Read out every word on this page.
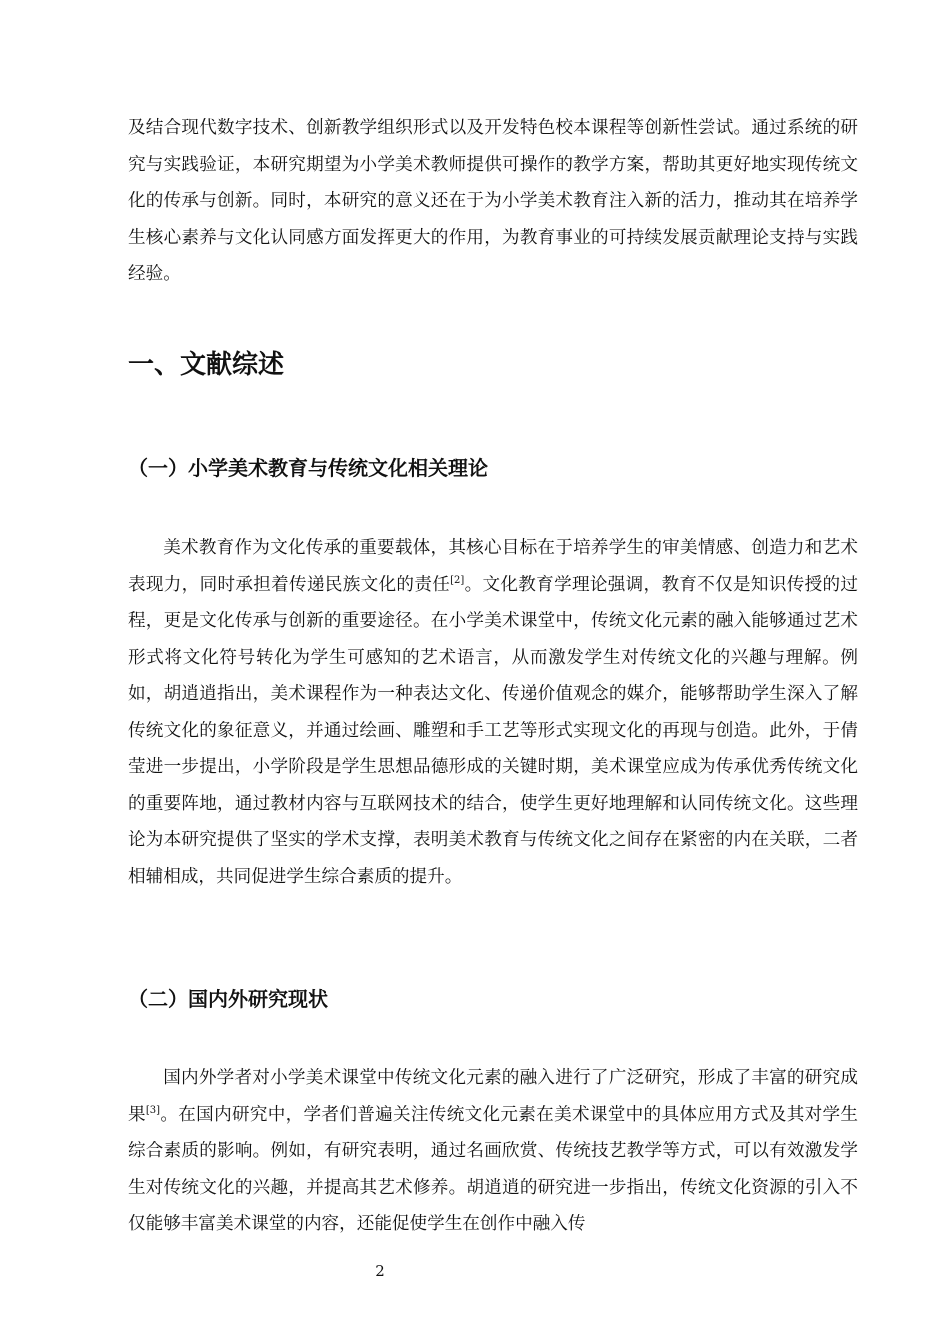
及结合现代数字技术、创新教学组织形式以及开发特色校本课程等创新性尝试。通过系统的研究与实践验证，本研究期望为小学美术教师提供可操作的教学方案，帮助其更好地实现传统文化的传承与创新。同时，本研究的意义还在于为小学美术教育注入新的活力，推动其在培养学生核心素养与文化认同感方面发挥更大的作用，为教育事业的可持续发展贡献理论支持与实践经验。

一、文献综述
（一）小学美术教育与传统文化相关理论

美术教育作为文化传承的重要载体，其核心目标在于培养学生的审美情感、创造力和艺术表现力，同时承担着传递民族文化的责任[2]。文化教育学理论强调，教育不仅是知识传授的过程，更是文化传承与创新的重要途径。在小学美术课堂中，传统文化元素的融入能够通过艺术形式将文化符号转化为学生可感知的艺术语言，从而激发学生对传统文化的兴趣与理解。例如，胡逍逍指出，美术课程作为一种表达文化、传递价值观念的媒介，能够帮助学生深入了解传统文化的象征意义，并通过绘画、雕塑和手工艺等形式实现文化的再现与创造。此外，于倩莹进一步提出，小学阶段是学生思想品德形成的关键时期，美术课堂应成为传承优秀传统文化的重要阵地，通过教材内容与互联网技术的结合，使学生更好地理解和认同传统文化。这些理论为本研究提供了坚实的学术支撑，表明美术教育与传统文化之间存在紧密的内在关联，二者相辅相成，共同促进学生综合素质的提升。

（二）国内外研究现状

国内外学者对小学美术课堂中传统文化元素的融入进行了广泛研究，形成了丰富的研究成果[3]。在国内研究中，学者们普遍关注传统文化元素在美术课堂中的具体应用方式及其对学生综合素质的影响。例如，有研究表明，通过名画欣赏、传统技艺教学等方式，可以有效激发学生对传统文化的兴趣，并提高其艺术修养。胡逍逍的研究进一步指出，传统文化资源的引入不仅能够丰富美术课堂的内容，还能促使学生在创作中融入传

2
